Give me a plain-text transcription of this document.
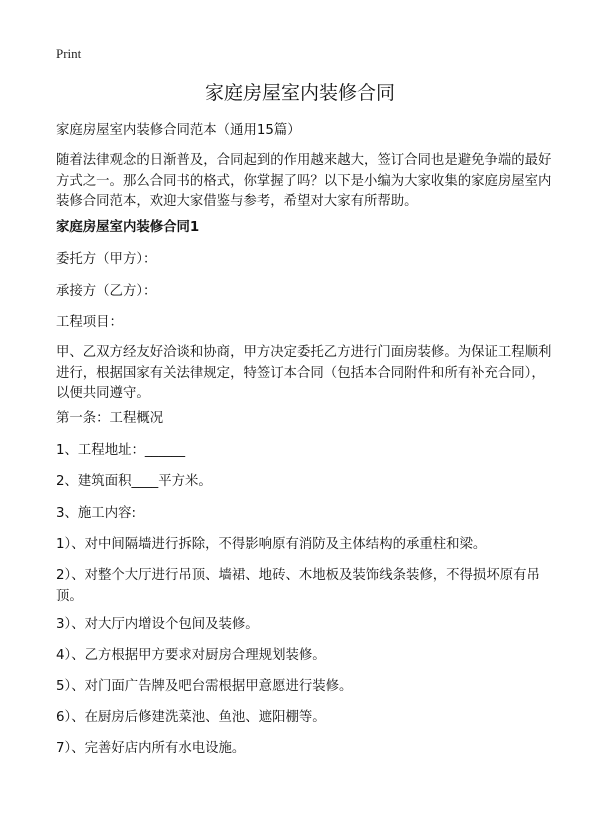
Print
家庭房屋室内装修合同

家庭房屋室内装修合同范本（通用15篇）

随着法律观念的日渐普及，合同起到的作用越来越大，签订合同也是避免争端的最好方式之一。那么合同书的格式，你掌握了吗？以下是小编为大家收集的家庭房屋室内装修合同范本，欢迎大家借鉴与参考，希望对大家有所帮助。

家庭房屋室内装修合同1

委托方（甲方）：

承接方（乙方）：

工程项目：

甲、乙双方经友好洽谈和协商，甲方决定委托乙方进行门面房装修。为保证工程顺利进行，根据国家有关法律规定，特签订本合同（包括本合同附件和所有补充合同），以便共同遵守。

第一条：工程概况

1、工程地址：______

2、建筑面积____平方米。

3、施工内容:

1）、对中间隔墙进行拆除，不得影响原有消防及主体结构的承重柱和梁。

2）、对整个大厅进行吊顶、墙裙、地砖、木地板及装饰线条装修，不得损坏原有吊顶。

3）、对大厅内增设个包间及装修。

4）、乙方根据甲方要求对厨房合理规划装修。

5）、对门面广告牌及吧台需根据甲意愿进行装修。

6）、在厨房后修建洗菜池、鱼池、遮阳棚等。

7）、完善好店内所有水电设施。
